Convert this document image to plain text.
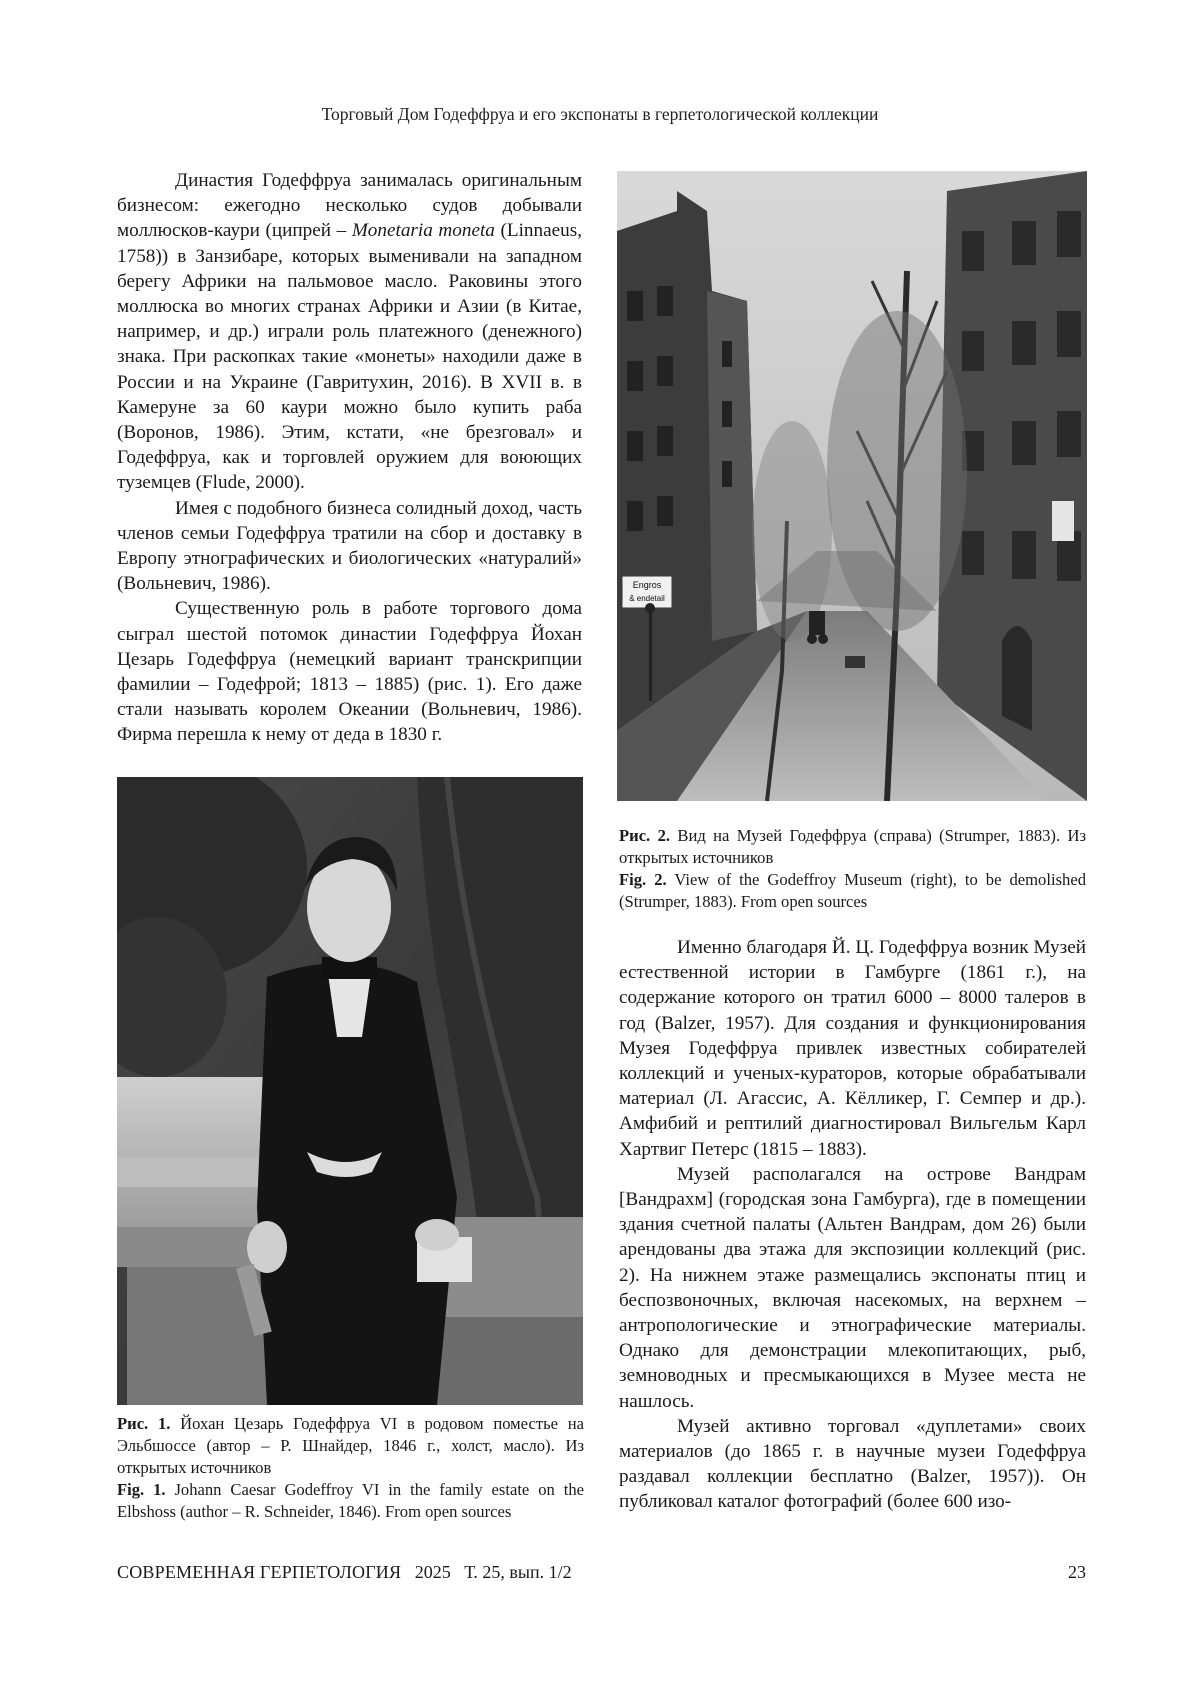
Торговый Дом Годеффруа и его экспонаты в герпетологической коллекции

Династия Годеффруа занималась оригинальным бизнесом: ежегодно несколько судов добывали моллюсков-каури (ципрей – Monetaria moneta (Linnaeus, 1758)) в Занзибаре, которых выменивали на западном берегу Африки на пальмовое масло. Раковины этого моллюска во многих странах Африки и Азии (в Китае, например, и др.) играли роль платежного (денежного) знака. При раскопках такие «монеты» находили даже в России и на Украине (Гавритухин, 2016). В XVII в. в Камеруне за 60 каури можно было купить раба (Воронов, 1986). Этим, кстати, «не брезговал» и Годеффруа, как и торговлей оружием для воюющих туземцев (Flude, 2000).

Имея с подобного бизнеса солидный доход, часть членов семьи Годеффруа тратили на сбор и доставку в Европу этнографических и биологических «натуралий» (Вольневич, 1986).

Существенную роль в работе торгового дома сыграл шестой потомок династии Годеффруа Йохан Цезарь Годеффруа (немецкий вариант транскрипции фамилии – Годефрой; 1813 – 1885) (рис. 1). Его даже стали называть королем Океании (Вольневич, 1986). Фирма перешла к нему от деда в 1830 г.

Engros
& endetail

Рис. 2. Вид на Музей Годеффруа (справа) (Strumper, 1883). Из открытых источников

Fig. 2. View of the Godeffroy Museum (right), to be demolished (Strumper, 1883). From open sources

Именно благодаря Й. Ц. Годеффруа возник Музей естественной истории в Гамбурге (1861 г.), на содержание которого он тратил 6000 – 8000 талеров в год (Balzer, 1957). Для создания и функционирования Музея Годеффруа привлек известных собирателей коллекций и ученых-кураторов, которые обрабатывали материал (Л. Агассис, А. Кёлликер, Г. Семпер и др.). Амфибий и рептилий диагностировал Вильгельм Карл Хартвиг Петерс (1815 – 1883).

Музей располагался на острове Вандрам [Вандрахм] (городская зона Гамбурга), где в помещении здания счетной палаты (Альтен Вандрам, дом 26) были арендованы два этажа для экспозиции коллекций (рис. 2). На нижнем этаже размещались экспонаты птиц и беспозвоночных, включая насекомых, на верхнем – антропологические и этнографические материалы. Однако для демонстрации млекопитающих, рыб, земноводных и пресмыкающихся в Музее места не нашлось.

Музей активно торговал «дуплетами» своих материалов (до 1865 г. в научные музеи Годеффруа раздавал коллекции бесплатно (Balzer, 1957)). Он публиковал каталог фотографий (более 600 изо-

Рис. 1. Йохан Цезарь Годеффруа VI в родовом поместье на Эльбшоссе (автор – Р. Шнайдер, 1846 г., холст, масло). Из открытых источников

Fig. 1. Johann Caesar Godeffroy VI in the family estate on the Elbshoss (author – R. Schneider, 1846). From open sources

СОВРЕМЕННАЯ ГЕРПЕТОЛОГИЯ 2025 Т. 25, вып. 1/2	23
